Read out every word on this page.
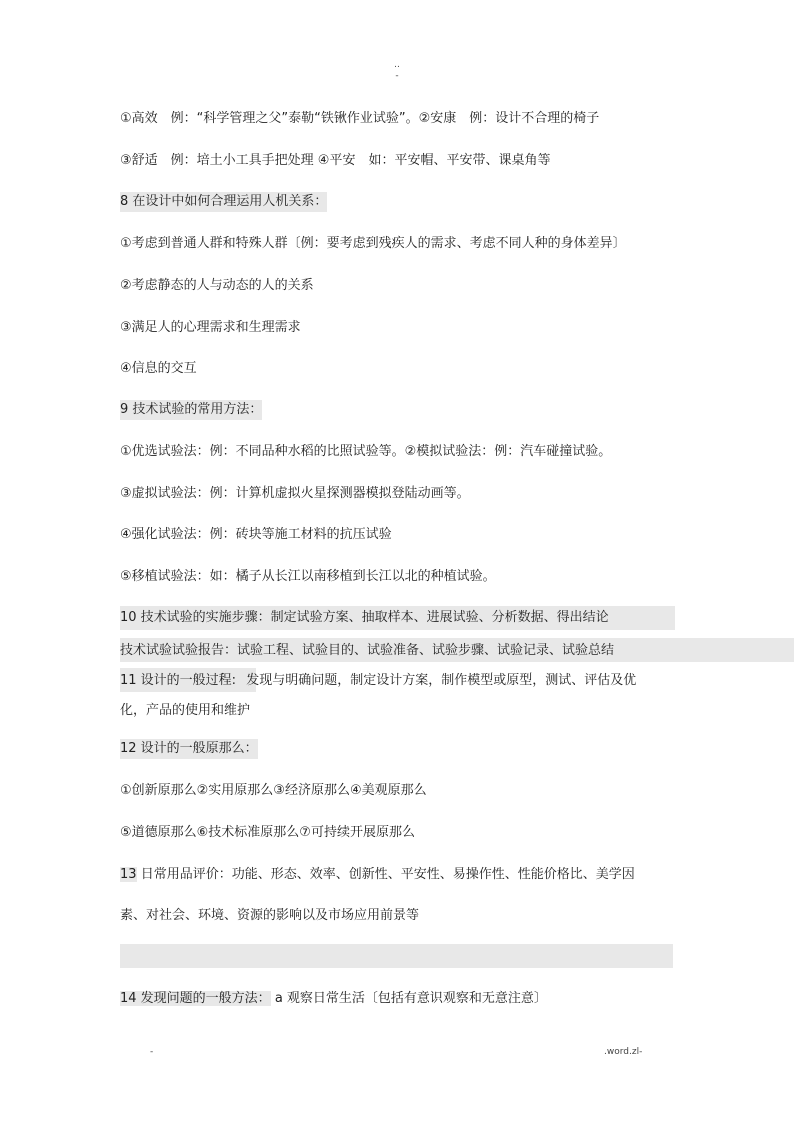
..
-
①高效　例：“科学管理之父”泰勒“铁锹作业试验”。②安康　例：设计不合理的椅子
③舒适　例：培土小工具手把处理 ④平安　如：平安帽、平安带、课桌角等
8 在设计中如何合理运用人机关系：
①考虑到普通人群和特殊人群〔例：要考虑到残疾人的需求、考虑不同人种的身体差异〕
②考虑静态的人与动态的人的关系
③满足人的心理需求和生理需求
④信息的交互
9 技术试验的常用方法：
①优选试验法：例：不同品种水稻的比照试验等。②模拟试验法：例：汽车碰撞试验。
③虚拟试验法：例：计算机虚拟火星探测器模拟登陆动画等。
④强化试验法：例：砖块等施工材料的抗压试验
⑤移植试验法：如：橘子从长江以南移植到长江以北的种植试验。
10 技术试验的实施步骤：制定试验方案、抽取样本、进展试验、分析数据、得出结论
技术试验试验报告：试验工程、试验目的、试验准备、试验步骤、试验记录、试验总结
11 设计的一般过程: 发现与明确问题，制定设计方案，制作模型或原型，测试、评估及优
化，产品的使用和维护
12 设计的一般原那么：
①创新原那么②实用原那么③经济原那么④美观原那么
⑤道德原那么⑥技术标准原那么⑦可持续开展原那么
13 日常用品评价：功能、形态、效率、创新性、平安性、易操作性、性能价格比、美学因
素、对社会、环境、资源的影响以及市场应用前景等
14 发现问题的一般方法： a 观察日常生活〔包括有意识观察和无意注意〕
-	.word.zl-
